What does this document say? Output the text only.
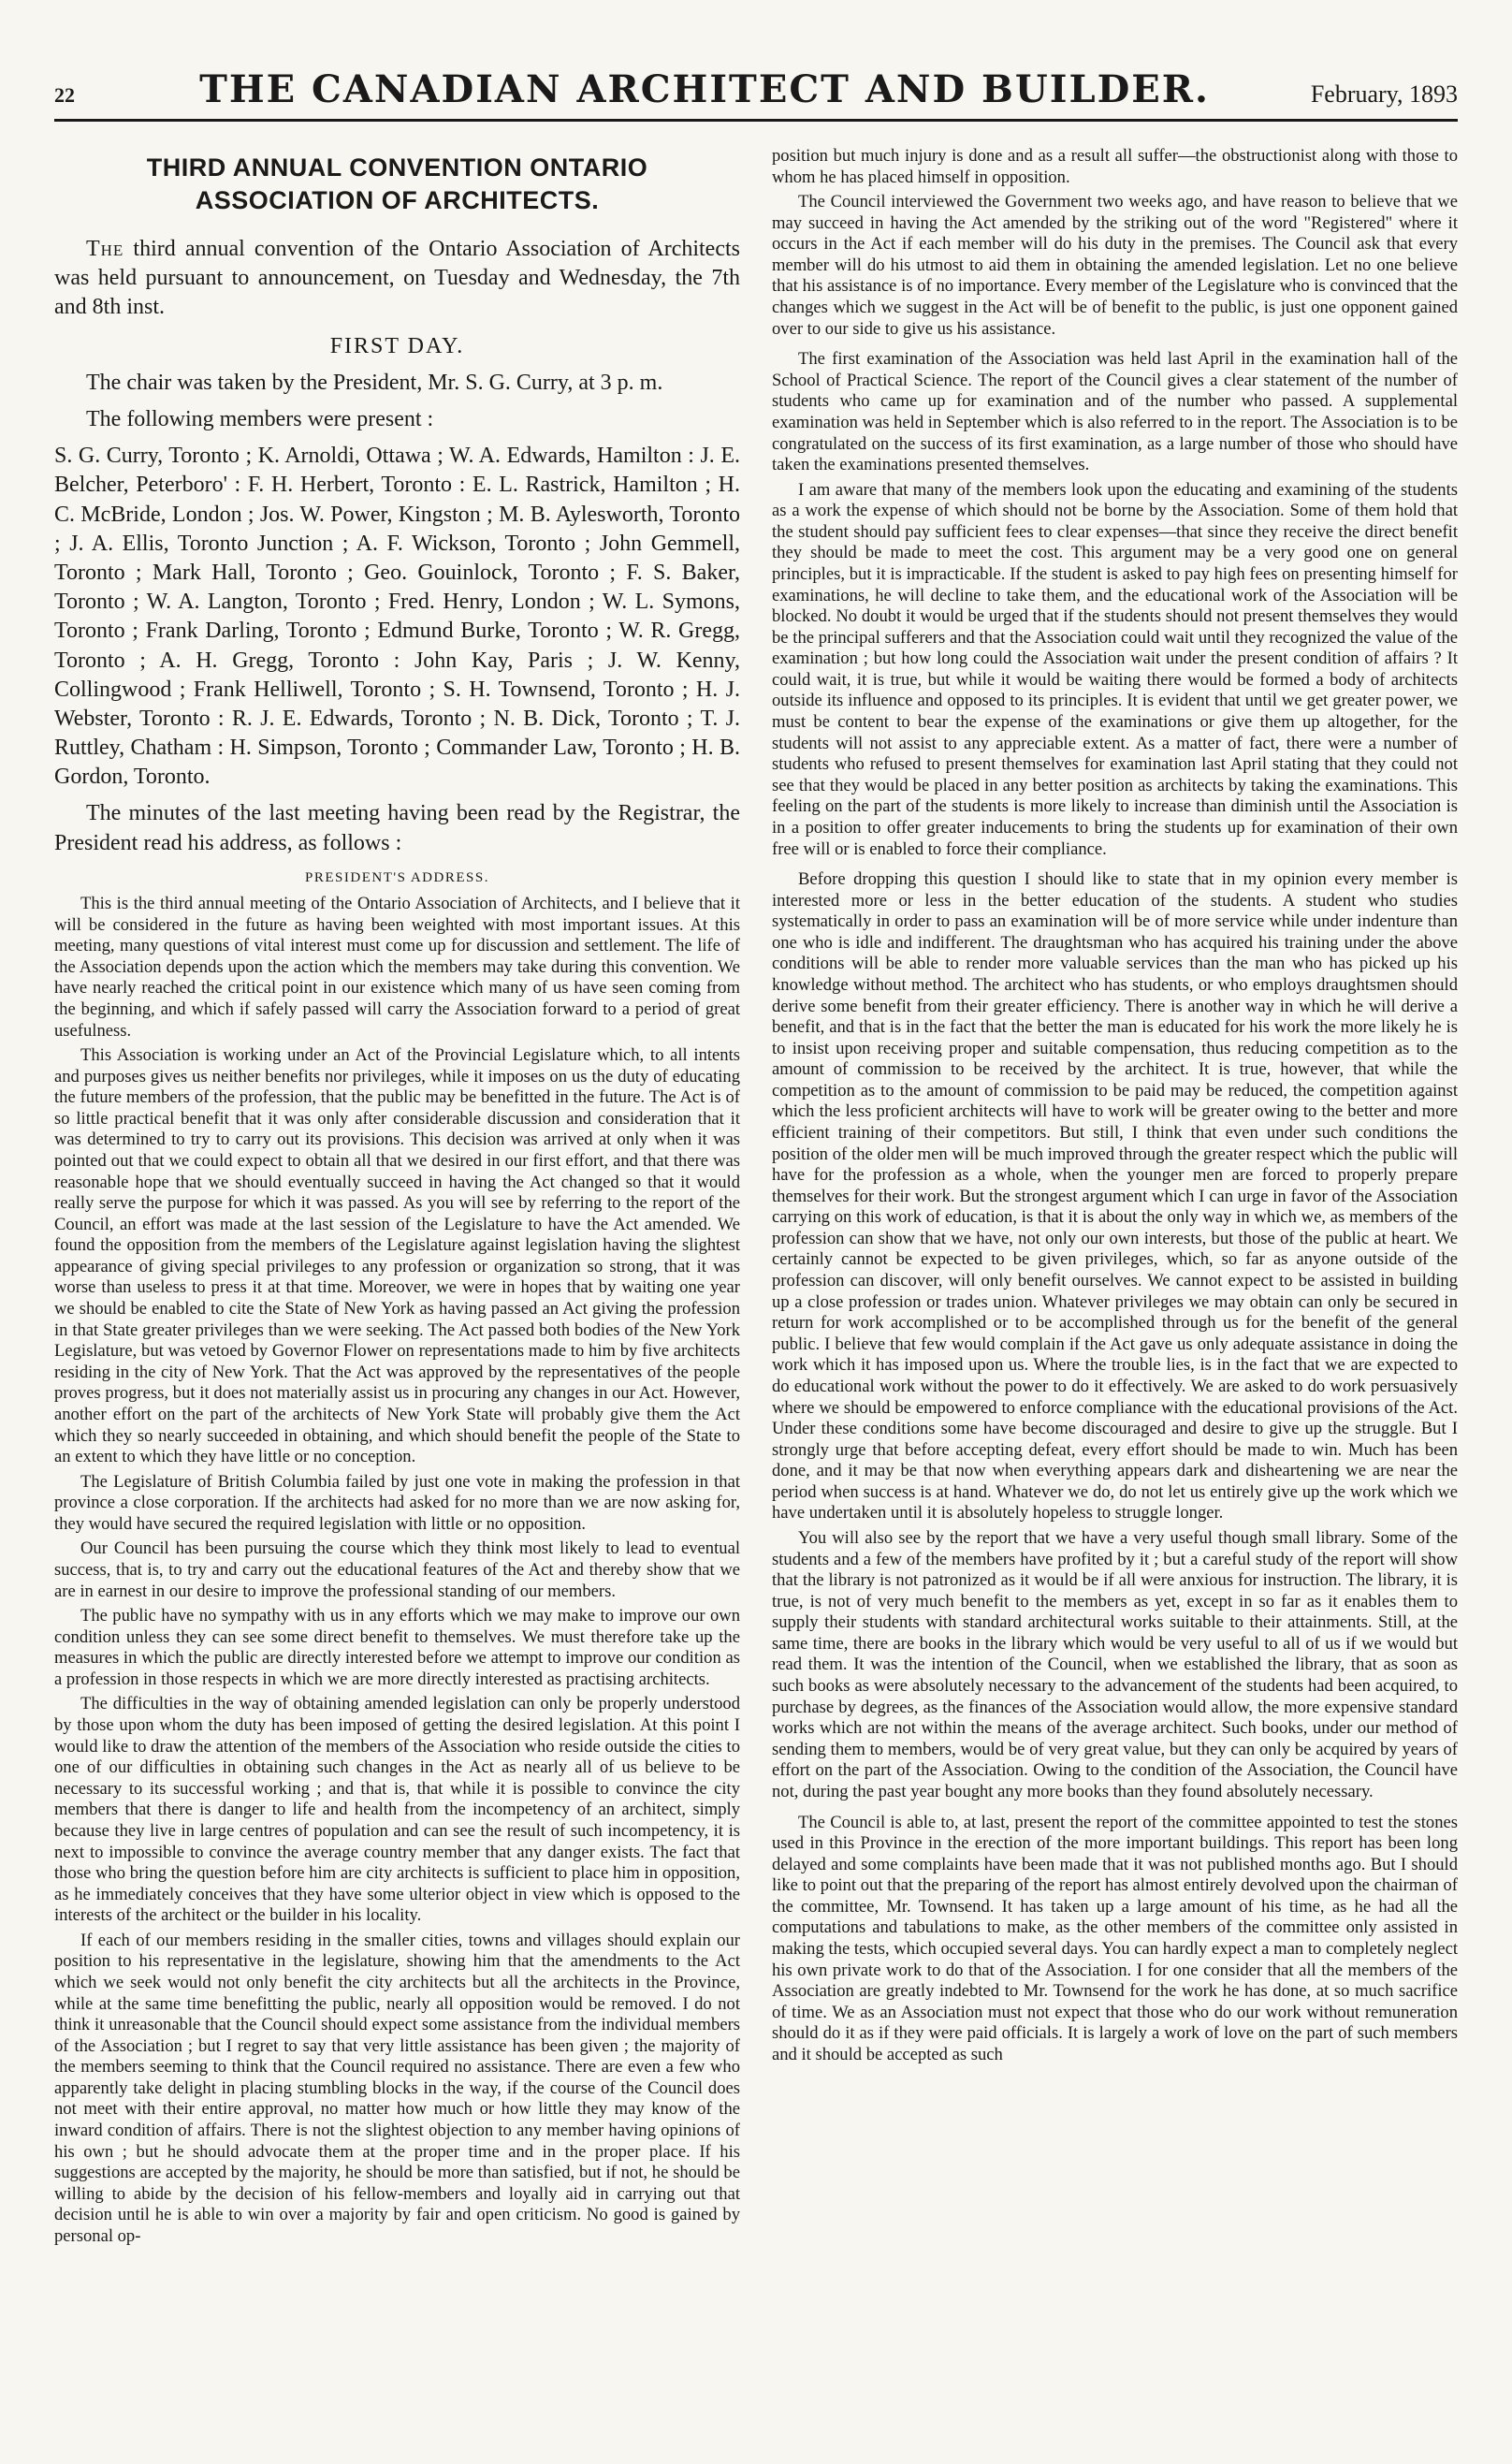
22	THE CANADIAN ARCHITECT AND BUILDER.	February, 1893
THIRD ANNUAL CONVENTION ONTARIO ASSOCIATION OF ARCHITECTS.

The third annual convention of the Ontario Association of Architects was held pursuant to announcement, on Tuesday and Wednesday, the 7th and 8th inst.

FIRST DAY.

The chair was taken by the President, Mr. S. G. Curry, at 3 p. m.

The following members were present :

S. G. Curry, Toronto ; K. Arnoldi, Ottawa ; W. A. Edwards, Hamilton : J. E. Belcher, Peterboro' : F. H. Herbert, Toronto : E. L. Rastrick, Hamilton ; H. C. McBride, London ; Jos. W. Power, Kingston ; M. B. Aylesworth, Toronto ; J. A. Ellis, Toronto Junction ; A. F. Wickson, Toronto ; John Gemmell, Toronto ; Mark Hall, Toronto ; Geo. Gouinlock, Toronto ; F. S. Baker, Toronto ; W. A. Langton, Toronto ; Fred. Henry, London ; W. L. Symons, Toronto ; Frank Darling, Toronto ; Edmund Burke, Toronto ; W. R. Gregg, Toronto ; A. H. Gregg, Toronto : John Kay, Paris ; J. W. Kenny, Collingwood ; Frank Helliwell, Toronto ; S. H. Townsend, Toronto ; H. J. Webster, Toronto : R. J. E. Edwards, Toronto ; N. B. Dick, Toronto ; T. J. Ruttley, Chatham : H. Simpson, Toronto ; Commander Law, Toronto ; H. B. Gordon, Toronto.

The minutes of the last meeting having been read by the Registrar, the President read his address, as follows :

PRESIDENT'S ADDRESS.

This is the third annual meeting of the Ontario Association of Architects, and I believe that it will be considered in the future as having been weighted with most important issues. At this meeting, many questions of vital interest must come up for discussion and settlement. The life of the Association depends upon the action which the members may take during this convention. We have nearly reached the critical point in our existence which many of us have seen coming from the beginning, and which if safely passed will carry the Association forward to a period of great usefulness.

This Association is working under an Act of the Provincial Legislature which, to all intents and purposes gives us neither benefits nor privileges, while it imposes on us the duty of educating the future members of the profession, that the public may be benefitted in the future. The Act is of so little practical benefit that it was only after considerable discussion and consideration that it was determined to try to carry out its provisions. This decision was arrived at only when it was pointed out that we could expect to obtain all that we desired in our first effort, and that there was reasonable hope that we should eventually succeed in having the Act changed so that it would really serve the purpose for which it was passed. As you will see by referring to the report of the Council, an effort was made at the last session of the Legislature to have the Act amended. We found the opposition from the members of the Legislature against legislation having the slightest appearance of giving special privileges to any profession or organization so strong, that it was worse than useless to press it at that time. Moreover, we were in hopes that by waiting one year we should be enabled to cite the State of New York as having passed an Act giving the profession in that State greater privileges than we were seeking. The Act passed both bodies of the New York Legislature, but was vetoed by Governor Flower on representations made to him by five architects residing in the city of New York. That the Act was approved by the representatives of the people proves progress, but it does not materially assist us in procuring any changes in our Act. However, another effort on the part of the architects of New York State will probably give them the Act which they so nearly succeeded in obtaining, and which should benefit the people of the State to an extent to which they have little or no conception.

The Legislature of British Columbia failed by just one vote in making the profession in that province a close corporation. If the architects had asked for no more than we are now asking for, they would have secured the required legislation with little or no opposition.

Our Council has been pursuing the course which they think most likely to lead to eventual success, that is, to try and carry out the educational features of the Act and thereby show that we are in earnest in our desire to improve the professional standing of our members.

The public have no sympathy with us in any efforts which we may make to improve our own condition unless they can see some direct benefit to themselves. We must therefore take up the measures in which the public are directly interested before we attempt to improve our condition as a profession in those respects in which we are more directly interested as practising architects.

The difficulties in the way of obtaining amended legislation can only be properly understood by those upon whom the duty has been imposed of getting the desired legislation. At this point I would like to draw the attention of the members of the Association who reside outside the cities to one of our difficulties in obtaining such changes in the Act as nearly all of us believe to be necessary to its successful working ; and that is, that while it is possible to convince the city members that there is danger to life and health from the incompetency of an architect, simply because they live in large centres of population and can see the result of such incompetency, it is next to impossible to convince the average country member that any danger exists. The fact that those who bring the question before him are city architects is sufficient to place him in opposition, as he immediately conceives that they have some ulterior object in view which is opposed to the interests of the architect or the builder in his locality.

If each of our members residing in the smaller cities, towns and villages should explain our position to his representative in the legislature, showing him that the amendments to the Act which we seek would not only benefit the city architects but all the architects in the Province, while at the same time benefitting the public, nearly all opposition would be removed. I do not think it unreasonable that the Council should expect some assistance from the individual members of the Association ; but I regret to say that very little assistance has been given ; the majority of the members seeming to think that the Council required no assistance. There are even a few who apparently take delight in placing stumbling blocks in the way, if the course of the Council does not meet with their entire approval, no matter how much or how little they may know of the inward condition of affairs. There is not the slightest objection to any member having opinions of his own ; but he should advocate them at the proper time and in the proper place. If his suggestions are accepted by the majority, he should be more than satisfied, but if not, he should be willing to abide by the decision of his fellow-members and loyally aid in carrying out that decision until he is able to win over a majority by fair and open criticism. No good is gained by personal op-

position but much injury is done and as a result all suffer—the obstructionist along with those to whom he has placed himself in opposition.

The Council interviewed the Government two weeks ago, and have reason to believe that we may succeed in having the Act amended by the striking out of the word "Registered" where it occurs in the Act if each member will do his duty in the premises. The Council ask that every member will do his utmost to aid them in obtaining the amended legislation. Let no one believe that his assistance is of no importance. Every member of the Legislature who is convinced that the changes which we suggest in the Act will be of benefit to the public, is just one opponent gained over to our side to give us his assistance.

The first examination of the Association was held last April in the examination hall of the School of Practical Science. The report of the Council gives a clear statement of the number of students who came up for examination and of the number who passed. A supplemental examination was held in September which is also referred to in the report. The Association is to be congratulated on the success of its first examination, as a large number of those who should have taken the examinations presented themselves.

I am aware that many of the members look upon the educating and examining of the students as a work the expense of which should not be borne by the Association. Some of them hold that the student should pay sufficient fees to clear expenses—that since they receive the direct benefit they should be made to meet the cost. This argument may be a very good one on general principles, but it is impracticable. If the student is asked to pay high fees on presenting himself for examinations, he will decline to take them, and the educational work of the Association will be blocked. No doubt it would be urged that if the students should not present themselves they would be the principal sufferers and that the Association could wait until they recognized the value of the examination ; but how long could the Association wait under the present condition of affairs ? It could wait, it is true, but while it would be waiting there would be formed a body of architects outside its influence and opposed to its principles. It is evident that until we get greater power, we must be content to bear the expense of the examinations or give them up altogether, for the students will not assist to any appreciable extent. As a matter of fact, there were a number of students who refused to present themselves for examination last April stating that they could not see that they would be placed in any better position as architects by taking the examinations. This feeling on the part of the students is more likely to increase than diminish until the Association is in a position to offer greater inducements to bring the students up for examination of their own free will or is enabled to force their compliance.

Before dropping this question I should like to state that in my opinion every member is interested more or less in the better education of the students. A student who studies systematically in order to pass an examination will be of more service while under indenture than one who is idle and indifferent. The draughtsman who has acquired his training under the above conditions will be able to render more valuable services than the man who has picked up his knowledge without method. The architect who has students, or who employs draughtsmen should derive some benefit from their greater efficiency. There is another way in which he will derive a benefit, and that is in the fact that the better the man is educated for his work the more likely he is to insist upon receiving proper and suitable compensation, thus reducing competition as to the amount of commission to be received by the architect. It is true, however, that while the competition as to the amount of commission to be paid may be reduced, the competition against which the less proficient architects will have to work will be greater owing to the better and more efficient training of their competitors. But still, I think that even under such conditions the position of the older men will be much improved through the greater respect which the public will have for the profession as a whole, when the younger men are forced to properly prepare themselves for their work. But the strongest argument which I can urge in favor of the Association carrying on this work of education, is that it is about the only way in which we, as members of the profession can show that we have, not only our own interests, but those of the public at heart. We certainly cannot be expected to be given privileges, which, so far as anyone outside of the profession can discover, will only benefit ourselves. We cannot expect to be assisted in building up a close profession or trades union. Whatever privileges we may obtain can only be secured in return for work accomplished or to be accomplished through us for the benefit of the general public. I believe that few would complain if the Act gave us only adequate assistance in doing the work which it has imposed upon us. Where the trouble lies, is in the fact that we are expected to do educational work without the power to do it effectively. We are asked to do work persuasively where we should be empowered to enforce compliance with the educational provisions of the Act. Under these conditions some have become discouraged and desire to give up the struggle. But I strongly urge that before accepting defeat, every effort should be made to win. Much has been done, and it may be that now when everything appears dark and disheartening we are near the period when success is at hand. Whatever we do, do not let us entirely give up the work which we have undertaken until it is absolutely hopeless to struggle longer.

You will also see by the report that we have a very useful though small library. Some of the students and a few of the members have profited by it ; but a careful study of the report will show that the library is not patronized as it would be if all were anxious for instruction. The library, it is true, is not of very much benefit to the members as yet, except in so far as it enables them to supply their students with standard architectural works suitable to their attainments. Still, at the same time, there are books in the library which would be very useful to all of us if we would but read them. It was the intention of the Council, when we established the library, that as soon as such books as were absolutely necessary to the advancement of the students had been acquired, to purchase by degrees, as the finances of the Association would allow, the more expensive standard works which are not within the means of the average architect. Such books, under our method of sending them to members, would be of very great value, but they can only be acquired by years of effort on the part of the Association. Owing to the condition of the Association, the Council have not, during the past year bought any more books than they found absolutely necessary.

The Council is able to, at last, present the report of the committee appointed to test the stones used in this Province in the erection of the more important buildings. This report has been long delayed and some complaints have been made that it was not published months ago. But I should like to point out that the preparing of the report has almost entirely devolved upon the chairman of the committee, Mr. Townsend. It has taken up a large amount of his time, as he had all the computations and tabulations to make, as the other members of the committee only assisted in making the tests, which occupied several days. You can hardly expect a man to completely neglect his own private work to do that of the Association. I for one consider that all the members of the Association are greatly indebted to Mr. Townsend for the work he has done, at so much sacrifice of time. We as an Association must not expect that those who do our work without remuneration should do it as if they were paid officials. It is largely a work of love on the part of such members and it should be accepted as such
